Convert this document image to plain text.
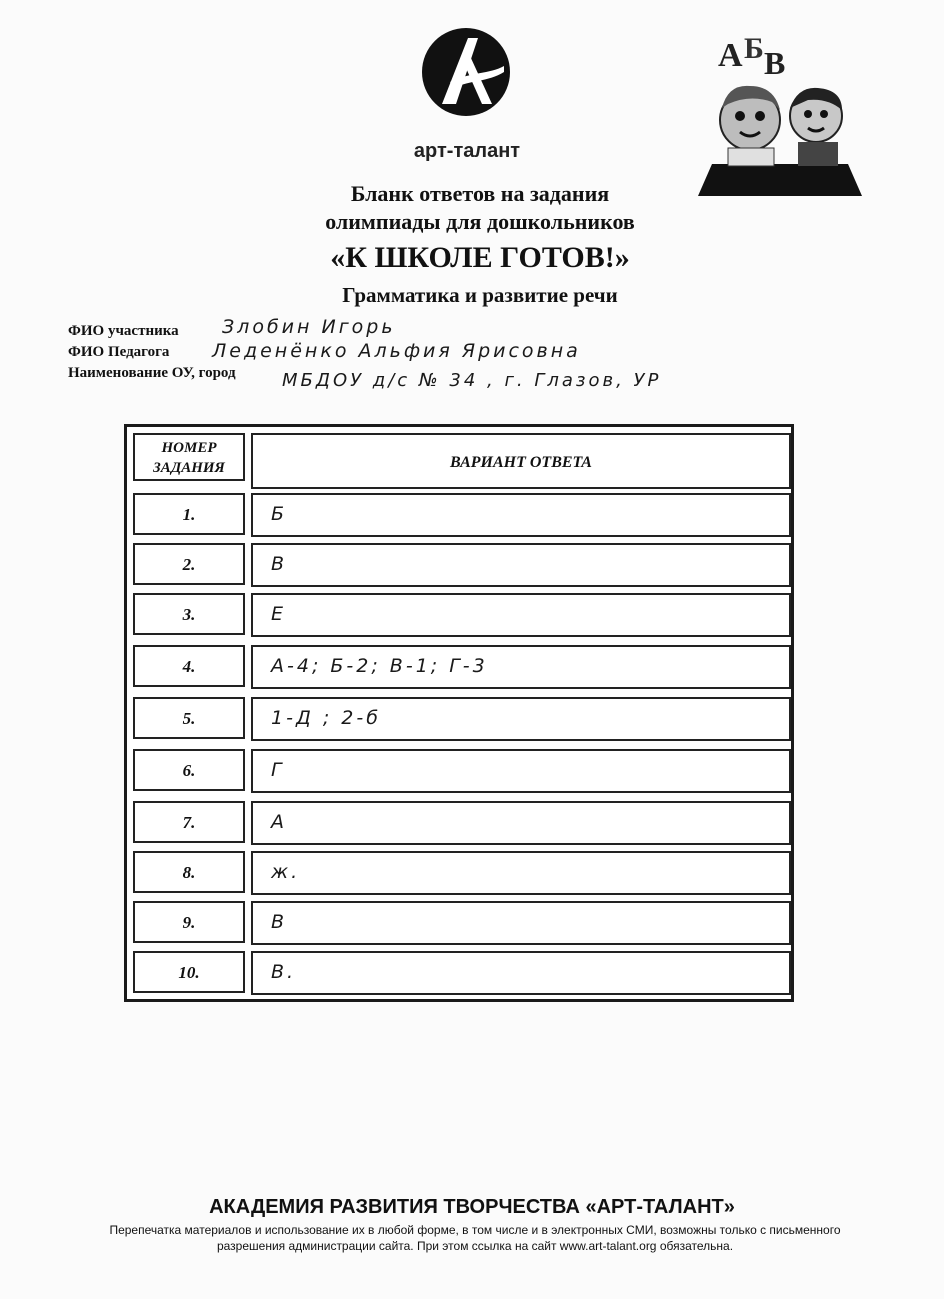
арт-талант
А Б В
Бланк ответов на задания
олимпиады для дошкольников
«К ШКОЛЕ ГОТОВ!»
Грамматика и развитие речи
ФИО участника Злобин Игорь
ФИО Педагога Леденёнко Альфия Ярисовна
Наименование ОУ, город	МБДОУ д/с № 34 , г. Глазов, УР
НОМЕР ЗАДАНИЯ	ВАРИАНТ ОТВЕТА
1.	Б
2.	В
3.	Е
4.	А-4; Б-2; В-1; Г-3
5.	1-Д ; 2-б
6.	Г
7.	А
8.	ж.
9.	В
10.	В.
АКАДЕМИЯ РАЗВИТИЯ ТВОРЧЕСТВА «АРТ-ТАЛАНТ»
Перепечатка материалов и использование их в любой форме, в том числе и в электронных СМИ, возможны только с письменного разрешения администрации сайта. При этом ссылка на сайт www.art-talant.org обязательна.
